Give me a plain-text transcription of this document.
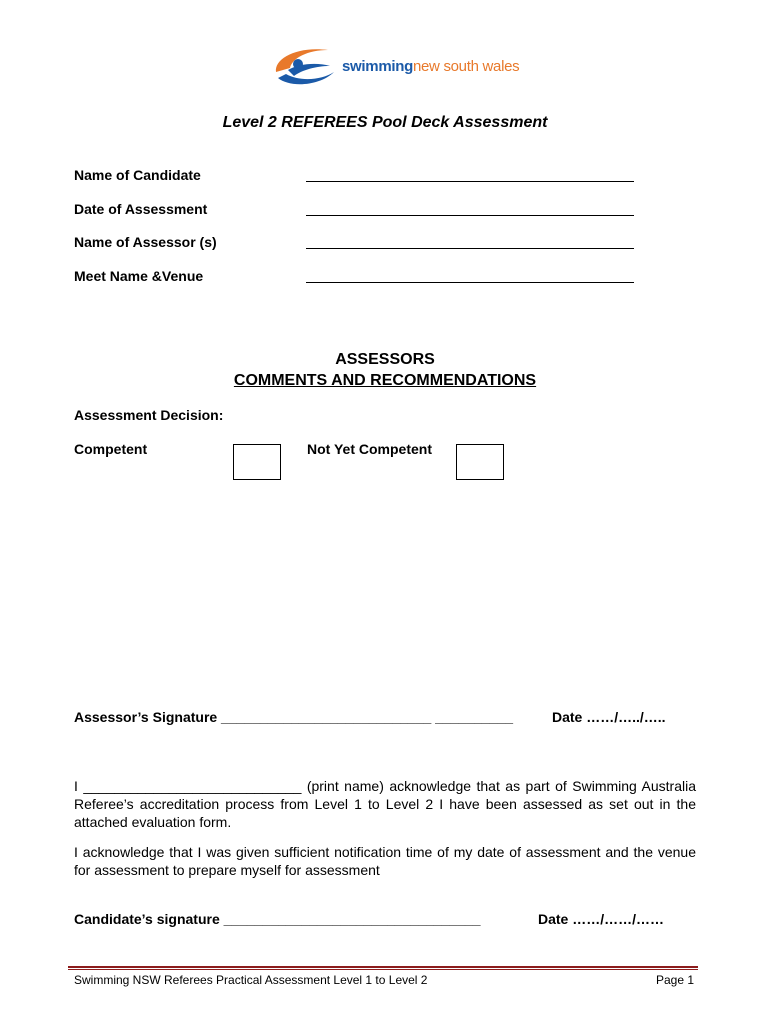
swimmingnew south wales
Level 2 REFEREES Pool Deck Assessment
Name of Candidate
Date of Assessment
Name of Assessor (s)
Meet Name &Venue
ASSESSORS
COMMENTS AND RECOMMENDATIONS
Assessment Decision:
Competent	Not Yet Competent
Assessor’s Signature ___________________________ __________	Date ……/…../…..
I ____________________________ (print name) acknowledge that as part of Swimming Australia Referee’s accreditation process from Level 1 to Level 2 I have been assessed as set out in the attached evaluation form.
I acknowledge that I was given sufficient notification time of my date of assessment and the venue for assessment to prepare myself for assessment
Candidate’s signature _________________________________	Date ……/……/……
Swimming NSW Referees Practical Assessment Level 1 to Level 2	Page 1
